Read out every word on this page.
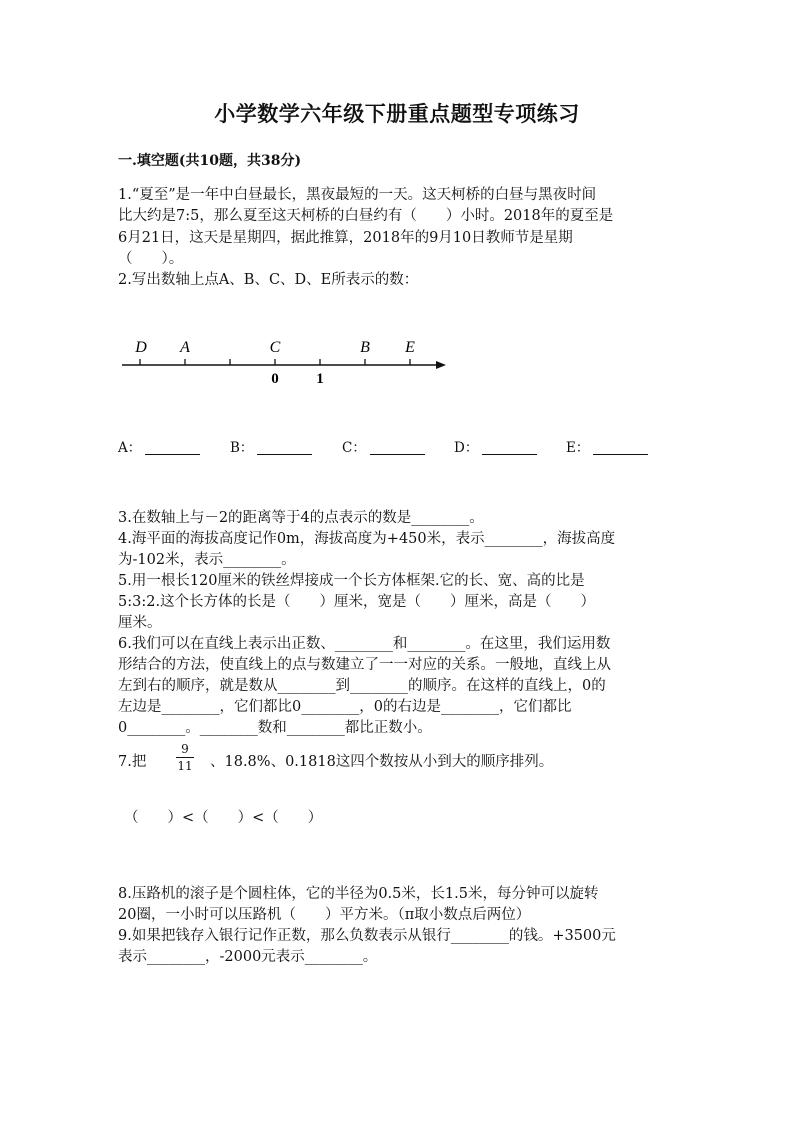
小学数学六年级下册重点题型专项练习
一.填空题(共10题，共38分)
1.“夏至”是一年中白昼最长，黑夜最短的一天。这天柯桥的白昼与黑夜时间
比大约是7:5，那么夏至这天柯桥的白昼约有（　　）小时。2018年的夏至是
6月21日，这天是星期四，据此推算，2018年的9月10日教师节是星期
（　　）。
2.写出数轴上点A、B、C、D、E所表示的数：
D A	C	B E
0	1
A：	B：	C：	D：	E：
3.在数轴上与－2的距离等于4的点表示的数是________。
4.海平面的海拔高度记作0m，海拔高度为+450米，表示________，海拔高度
为-102米，表示________。
5.用一根长120厘米的铁丝焊接成一个长方体框架.它的长、宽、高的比是
5:3:2.这个长方体的长是（　　）厘米，宽是（　　）厘米，高是（　　）
厘米。
6.我们可以在直线上表示出正数、________和________。在这里，我们运用数
形结合的方法，使直线上的点与数建立了一一对应的关系。一般地，直线上从
左到右的顺序，就是数从________到________的顺序。在这样的直线上，0的
左边是________，它们都比0________，0的右边是________，它们都比
0________。________数和________都比正数小。
7.把
9
11 、18.8%、0.1818这四个数按从小到大的顺序排列。
（　　）<（　　）<（　　）
8.压路机的滚子是个圆柱体，它的半径为0.5米，长1.5米，每分钟可以旋转
20圈，一小时可以压路机（　　）平方米。（π取小数点后两位）
9.如果把钱存入银行记作正数，那么负数表示从银行________的钱。+3500元
表示________，-2000元表示________。
